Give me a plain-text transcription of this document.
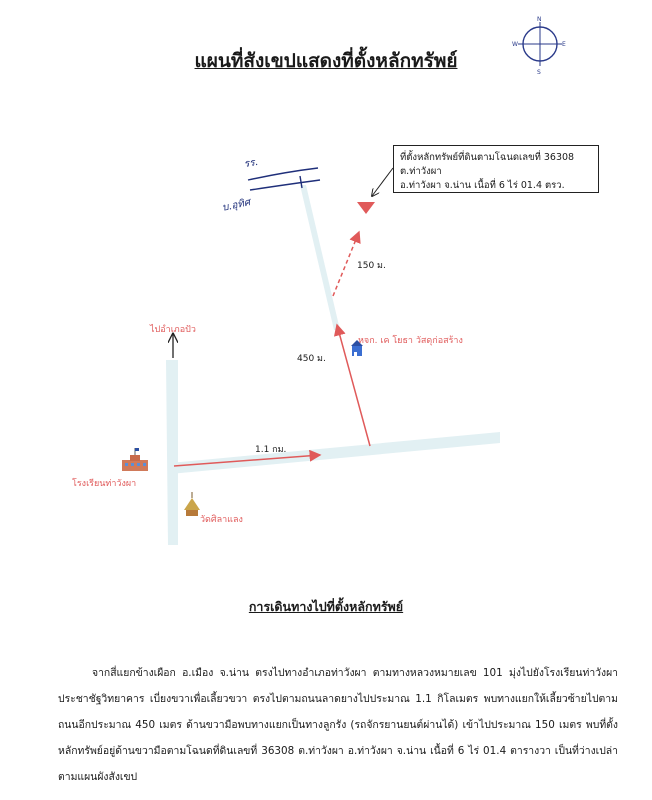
แผนที่สังเขปแสดงที่ตั้งหลักทรัพย์
N
S
E
W
ที่ตั้งหลักทรัพย์ที่ดินตามโฉนดเลขที่ 36308 ต.ท่าวังผา
อ.ท่าวังผา จ.น่าน เนื้อที่ 6 ไร่ 01.4 ตรว.
รร.
บ.อุทิศ
150 ม.
450 ม.
1.1 กม.
ไปอำเภอปัว
หจก. เค โยธา วัสดุก่อสร้าง
โรงเรียนท่าวังผา
วัดศิลาแลง
การเดินทางไปที่ตั้งหลักทรัพย์
จากสี่แยกข้างเผือก อ.เมือง จ.น่าน ตรงไปทางอำเภอท่าวังผา ตามทางหลวงหมายเลข 101 มุ่งไปยังโรงเรียนท่าวังผาประชาชัฐวิทยาคาร เบี่ยงขวาเพื่อเลี้ยวขวา ตรงไปตามถนนลาดยางไปประมาณ 1.1 กิโลเมตร พบทางแยกให้เลี้ยวซ้ายไปตามถนนอีกประมาณ 450 เมตร ด้านขวามือพบทางแยกเป็นทางลูกรัง (รถจักรยานยนต์ผ่านได้) เข้าไปประมาณ 150 เมตร พบที่ตั้งหลักทรัพย์อยู่ด้านขวามือตามโฉนดที่ดินเลขที่ 36308 ต.ท่าวังผา อ.ท่าวังผา จ.น่าน เนื้อที่ 6 ไร่ 01.4 ตารางวา เป็นที่ว่างเปล่า ตามแผนผังสังเขป
